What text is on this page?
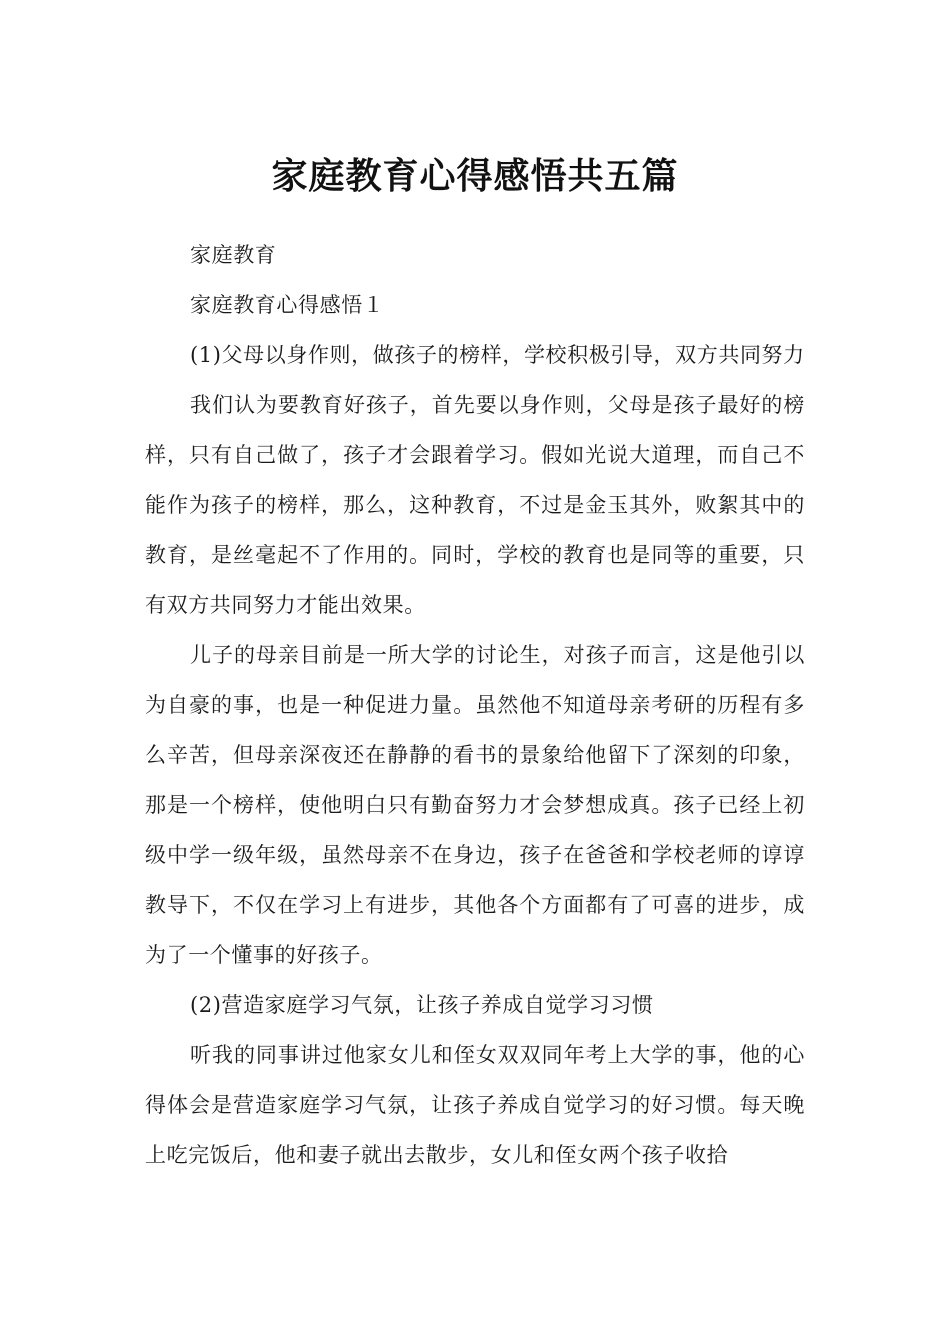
家庭教育心得感悟共五篇

家庭教育

家庭教育心得感悟１

(1)父母以身作则，做孩子的榜样，学校积极引导，双方共同努力

我们认为要教育好孩子，首先要以身作则，父母是孩子最好的榜样，只有自己做了，孩子才会跟着学习。假如光说大道理，而自己不能作为孩子的榜样，那么，这种教育，不过是金玉其外，败絮其中的教育，是丝毫起不了作用的。同时，学校的教育也是同等的重要，只有双方共同努力才能出效果。

儿子的母亲目前是一所大学的讨论生，对孩子而言，这是他引以为自豪的事，也是一种促进力量。虽然他不知道母亲考研的历程有多么辛苦，但母亲深夜还在静静的看书的景象给他留下了深刻的印象，那是一个榜样，使他明白只有勤奋努力才会梦想成真。孩子已经上初级中学一级年级，虽然母亲不在身边，孩子在爸爸和学校老师的谆谆教导下，不仅在学习上有进步，其他各个方面都有了可喜的进步，成为了一个懂事的好孩子。

(2)营造家庭学习气氛，让孩子养成自觉学习习惯

听我的同事讲过他家女儿和侄女双双同年考上大学的事，他的心得体会是营造家庭学习气氛，让孩子养成自觉学习的好习惯。每天晚上吃完饭后，他和妻子就出去散步，女儿和侄女两个孩子收拾
